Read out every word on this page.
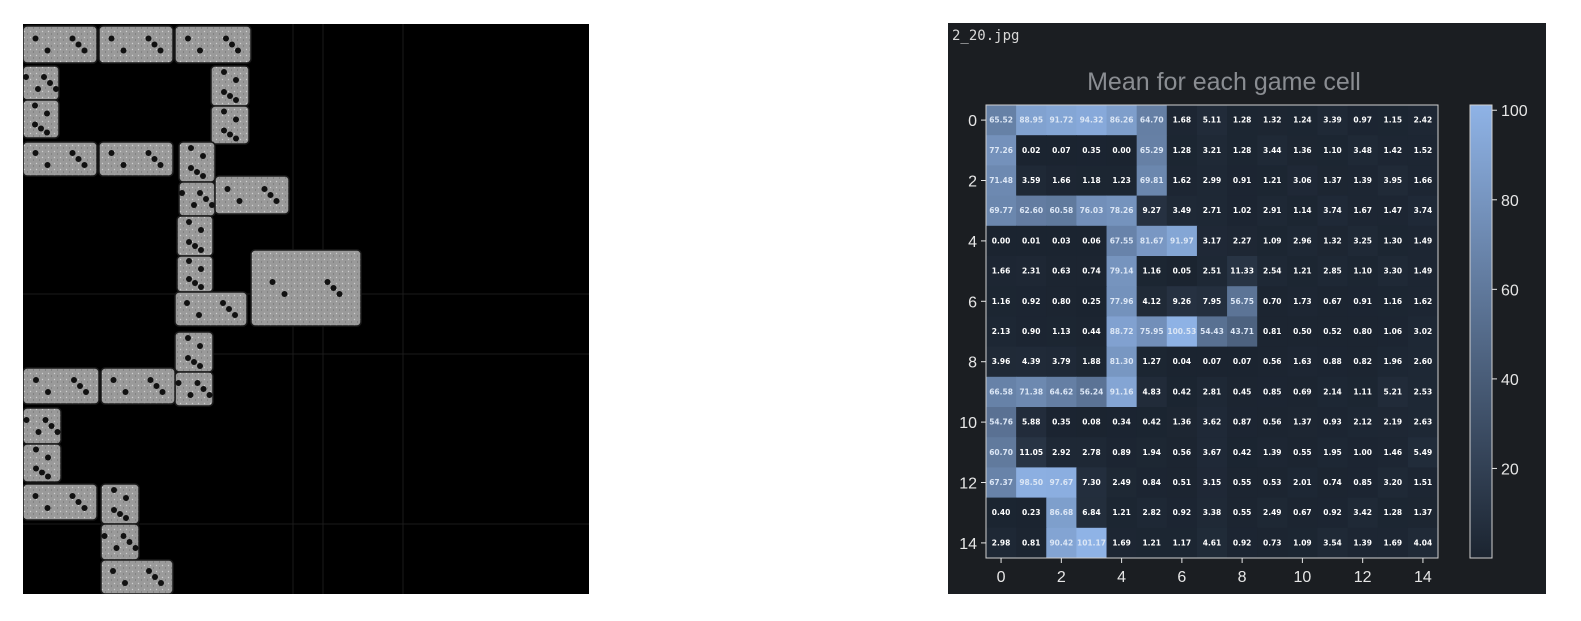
2_20.jpg
Mean for each game cell
65.52 88.95 91.72 94.32 86.26 64.70 1.68 5.11 1.28 1.32 1.24 3.39 0.97 1.15 2.42
77.26 0.02 0.07 0.35 0.00 65.29 1.28 3.21 1.28 3.44 1.36 1.10 3.48 1.42 1.52
71.48 3.59 1.66 1.18 1.23 69.81 1.62 2.99 0.91 1.21 3.06 1.37 1.39 3.95 1.66
69.77 62.60 60.58 76.03 78.26 9.27 3.49 2.71 1.02 2.91 1.14 3.74 1.67 1.47 3.74
0.00 0.01 0.03 0.06 67.55 81.67 91.97 3.17 2.27 1.09 2.96 1.32 3.25 1.30 1.49
1.66 2.31 0.63 0.74 79.14 1.16 0.05 2.51 11.33 2.54 1.21 2.85 1.10 3.30 1.49
1.16 0.92 0.80 0.25 77.96 4.12 9.26 7.95 56.75 0.70 1.73 0.67 0.91 1.16 1.62
2.13 0.90 1.13 0.44 88.72 75.95 100.53 54.43 43.71 0.81 0.50 0.52 0.80 1.06 3.02
3.96 4.39 3.79 1.88 81.30 1.27 0.04 0.07 0.07 0.56 1.63 0.88 0.82 1.96 2.60
66.58 71.38 64.62 56.24 91.16 4.83 0.42 2.81 0.45 0.85 0.69 2.14 1.11 5.21 2.53
54.76 5.88 0.35 0.08 0.34 0.42 1.36 3.62 0.87 0.56 1.37 0.93 2.12 2.19 2.63
60.70 11.05 2.92 2.78 0.89 1.94 0.56 3.67 0.42 1.39 0.55 1.95 1.00 1.46 5.49
67.37 98.50 97.67 7.30 2.49 0.84 0.51 3.15 0.55 0.53 2.01 0.74 0.85 3.20 1.51
0.40 0.23 86.68 6.84 1.21 2.82 0.92 3.38 0.55 2.49 0.67 0.92 3.42 1.28 1.37
2.98 0.81 90.42 101.17 1.69 1.21 1.17 4.61 0.92 0.73 1.09 3.54 1.39 1.69 4.04
0
2
4
6
8
10
12
14
0	2	4	6	8	10	12	14
20
40
60
80
100
